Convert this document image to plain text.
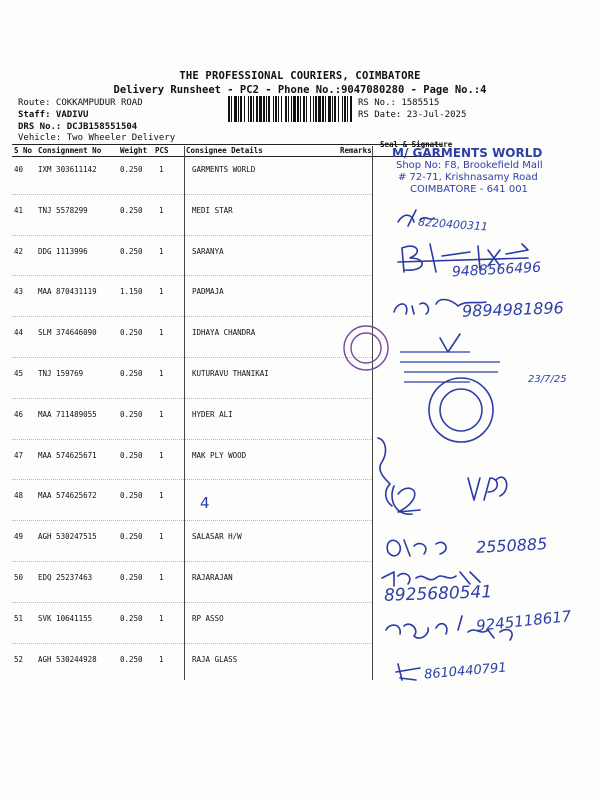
THE PROFESSIONAL COURIERS, COIMBATORE
Delivery Runsheet - PC2 - Phone No.:9047080280 - Page No.:4
Route: COKKAMPUDUR ROAD
Staff: VADIVU
DRS No.: DCJB158551504
Vehicle: Two Wheeler Delivery
RS No.: 1585515
RS Date: 23-Jul-2025
S No Consignment No	Weight PCS Consignee Details	Remarks
Seal & Signature
40 IXM 303611142	0.250 1	GARMENTS WORLD
41 TNJ 5578299	0.250 1	MEDI STAR
42 DDG 1113996	0.250 1	SARANYA
43 MAA 870431119	1.150 1	PADMAJA
44 SLM 374646090	0.250 1	IDHAYA CHANDRA
45 TNJ 159769	0.250 1	KUTURAVU THANIKAI
46 MAA 711489055	0.250 1	HYDER ALI
47 MAA 574625671	0.250 1	MAK PLY WOOD
48 MAA 574625672	0.250 1
49 AGH 530247515	0.250 1	SALASAR H/W
50 EDQ 25237463	0.250 1	RAJARAJAN
51 SVK 10641155	0.250 1	RP ASSO
52 AGH 530244928	0.250 1	RAJA GLASS
M/ GARMENTS WORLD
Shop No: F8, Brookefield Mall
# 72-71, Krishnasamy Road
COIMBATORE - 641 001
8220400311
9488566496
9894981896
23/7/25
4
2550885
8925680541
9245118617
8610440791
